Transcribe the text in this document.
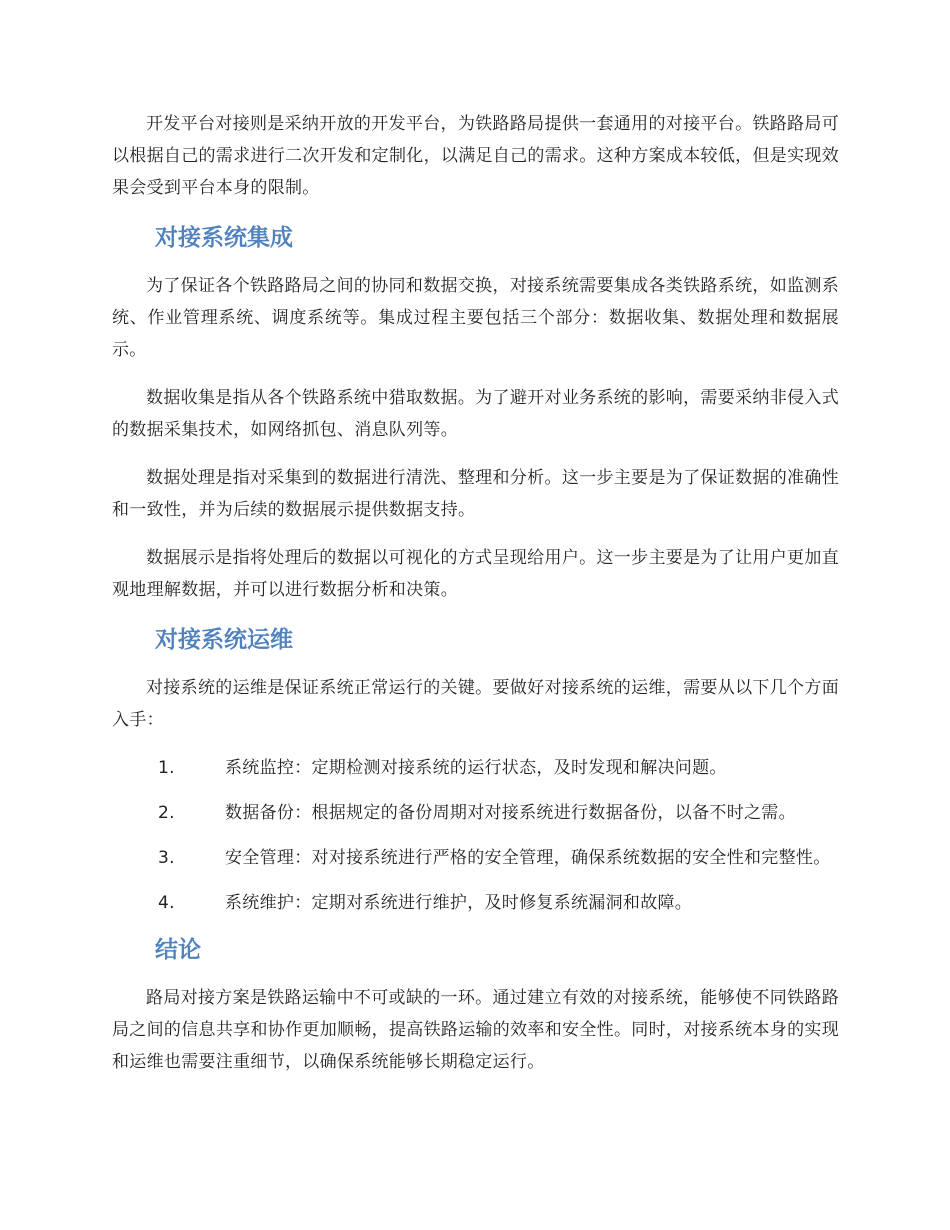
开发平台对接则是采纳开放的开发平台，为铁路路局提供一套通用的对接平台。铁路路局可以根据自己的需求进行二次开发和定制化，以满足自己的需求。这种方案成本较低，但是实现效果会受到平台本身的限制。

对接系统集成

为了保证各个铁路路局之间的协同和数据交换，对接系统需要集成各类铁路系统，如监测系统、作业管理系统、调度系统等。集成过程主要包括三个部分：数据收集、数据处理和数据展示。

数据收集是指从各个铁路系统中猎取数据。为了避开对业务系统的影响，需要采纳非侵入式的数据采集技术，如网络抓包、消息队列等。

数据处理是指对采集到的数据进行清洗、整理和分析。这一步主要是为了保证数据的准确性和一致性，并为后续的数据展示提供数据支持。

数据展示是指将处理后的数据以可视化的方式呈现给用户。这一步主要是为了让用户更加直观地理解数据，并可以进行数据分析和决策。

对接系统运维

对接系统的运维是保证系统正常运行的关键。要做好对接系统的运维，需要从以下几个方面入手：

1.	系统监控：定期检测对接系统的运行状态，及时发现和解决问题。
2.	数据备份：根据规定的备份周期对对接系统进行数据备份，以备不时之需。
3.	安全管理：对对接系统进行严格的安全管理，确保系统数据的安全性和完整性。
4.	系统维护：定期对系统进行维护，及时修复系统漏洞和故障。
结论

路局对接方案是铁路运输中不可或缺的一环。通过建立有效的对接系统，能够使不同铁路路局之间的信息共享和协作更加顺畅，提高铁路运输的效率和安全性。同时，对接系统本身的实现和运维也需要注重细节，以确保系统能够长期稳定运行。
